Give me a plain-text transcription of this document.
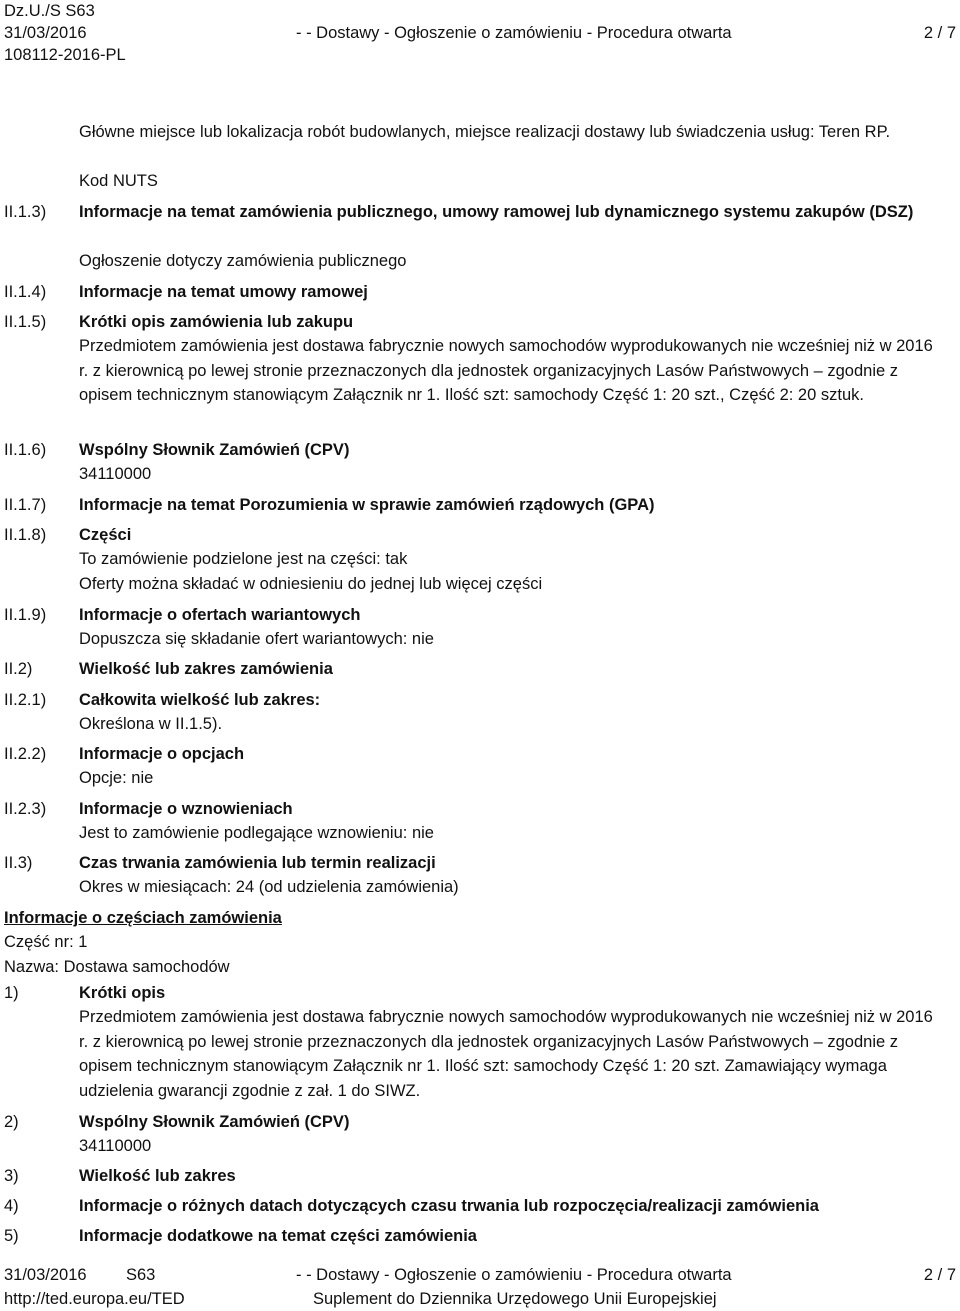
Dz.U./S S63
31/03/2016
108112-2016-PL
- - Dostawy - Ogłoszenie o zamówieniu - Procedura otwarta	2 / 7
Główne miejsce lub lokalizacja robót budowlanych, miejsce realizacji dostawy lub świadczenia usług: Teren RP.
Kod NUTS
II.1.3) Informacje na temat zamówienia publicznego, umowy ramowej lub dynamicznego systemu zakupów (DSZ)
Ogłoszenie dotyczy zamówienia publicznego
II.1.4) Informacje na temat umowy ramowej
II.1.5) Krótki opis zamówienia lub zakupu
Przedmiotem zamówienia jest dostawa fabrycznie nowych samochodów wyprodukowanych nie wcześniej niż w 2016 r. z kierownicą po lewej stronie przeznaczonych dla jednostek organizacyjnych Lasów Państwowych – zgodnie z opisem technicznym stanowiącym Załącznik nr 1. Ilość szt: samochody Część 1: 20 szt., Część 2: 20 sztuk.
II.1.6) Wspólny Słownik Zamówień (CPV)
34110000
II.1.7) Informacje na temat Porozumienia w sprawie zamówień rządowych (GPA)
II.1.8) Części
To zamówienie podzielone jest na części: tak
Oferty można składać w odniesieniu do jednej lub więcej części
II.1.9) Informacje o ofertach wariantowych
Dopuszcza się składanie ofert wariantowych: nie
II.2)	Wielkość lub zakres zamówienia
II.2.1) Całkowita wielkość lub zakres:
Określona w II.1.5).
II.2.2) Informacje o opcjach
Opcje: nie
II.2.3) Informacje o wznowieniach
Jest to zamówienie podlegające wznowieniu: nie
II.3)	Czas trwania zamówienia lub termin realizacji
Okres w miesiącach: 24 (od udzielenia zamówienia)
Informacje o częściach zamówienia
Część nr: 1
Nazwa: Dostawa samochodów
1)	Krótki opis
Przedmiotem zamówienia jest dostawa fabrycznie nowych samochodów wyprodukowanych nie wcześniej niż w 2016 r. z kierownicą po lewej stronie przeznaczonych dla jednostek organizacyjnych Lasów Państwowych – zgodnie z opisem technicznym stanowiącym Załącznik nr 1. Ilość szt: samochody Część 1: 20 szt. Zamawiający wymaga udzielenia gwarancji zgodnie z zał. 1 do SIWZ.
2)	Wspólny Słownik Zamówień (CPV)
34110000
3)	Wielkość lub zakres
4)	Informacje o różnych datach dotyczących czasu trwania lub rozpoczęcia/realizacji zamówienia
5)	Informacje dodatkowe na temat części zamówienia
31/03/2016
http://ted.europa.eu/TED
S63	- - Dostawy - Ogłoszenie o zamówieniu - Procedura otwarta
Suplement do Dziennika Urzędowego Unii Europejskiej
2 / 7
